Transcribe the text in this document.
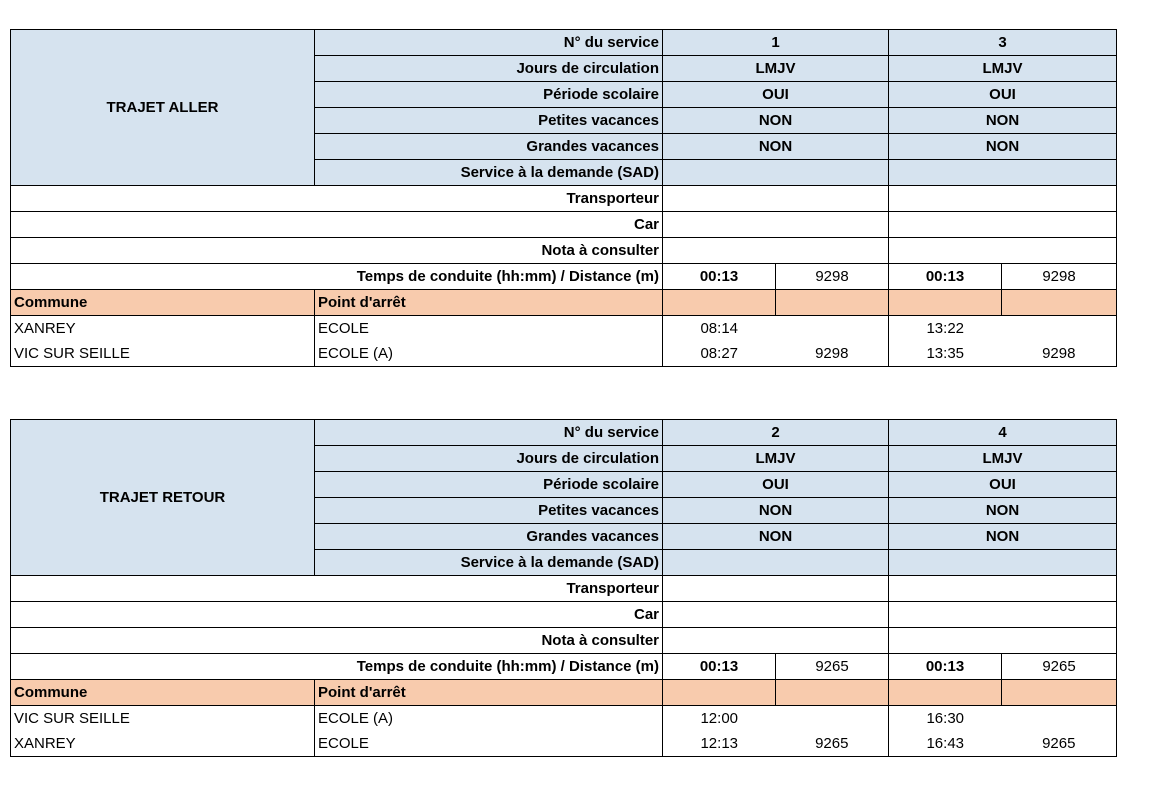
TRAJET ALLER	N° du service	1		3	
	Jours de circulation	LMJV		LMJV	
	Période scolaire	OUI		OUI	
	Petites vacances	NON		NON	
	Grandes vacances	NON		NON	
	Service à la demande (SAD)				
Transporteur					
Car					
Nota à consulter					
Temps de conduite (hh:mm) / Distance (m)		00:13	9298	00:13	9298
Commune	Point d'arrêt				
XANREY	ECOLE	08:14		13:22	
VIC SUR SEILLE	ECOLE (A)	08:27	9298	13:35	9298
TRAJET RETOUR	N° du service	2		4	
	Jours de circulation	LMJV		LMJV	
	Période scolaire	OUI		OUI	
	Petites vacances	NON		NON	
	Grandes vacances	NON		NON	
	Service à la demande (SAD)				
Transporteur					
Car					
Nota à consulter					
Temps de conduite (hh:mm) / Distance (m)		00:13	9265	00:13	9265
Commune	Point d'arrêt				
VIC SUR SEILLE	ECOLE (A)	12:00		16:30	
XANREY	ECOLE	12:13	9265	16:43	9265
